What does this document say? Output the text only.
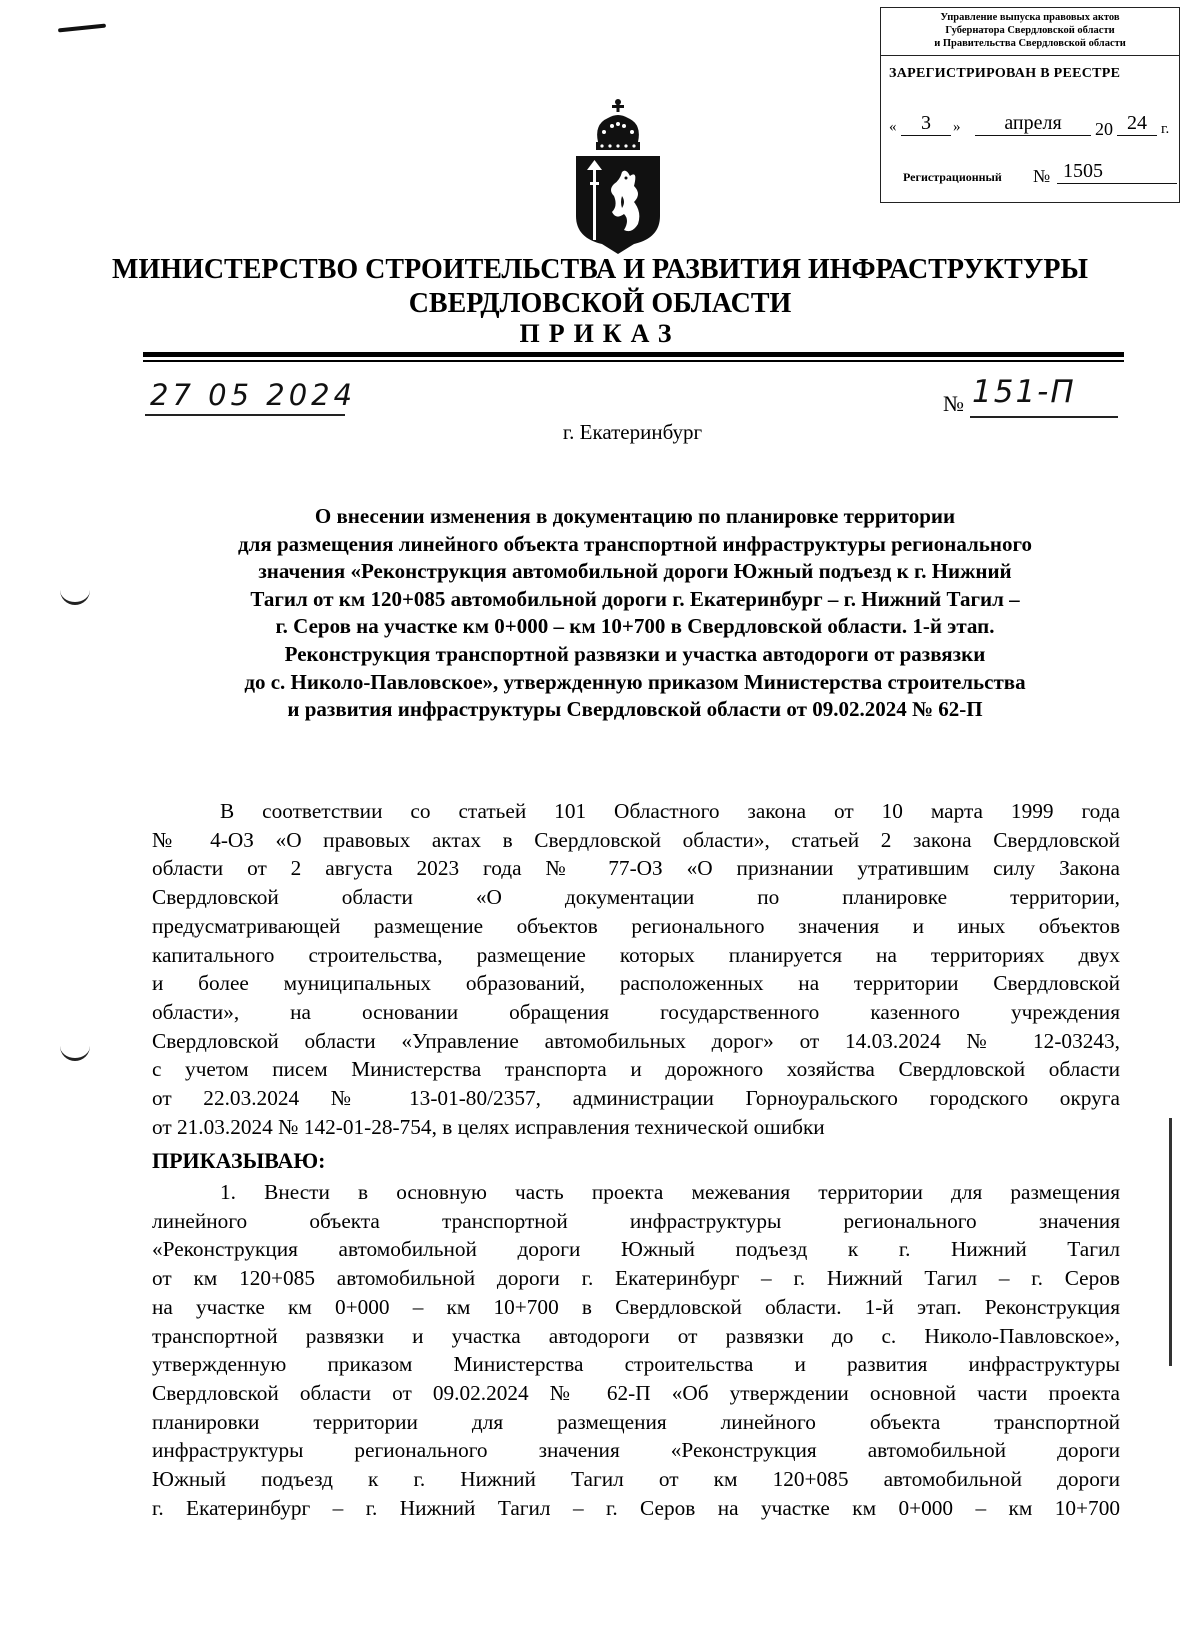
Управление выпуска правовых актов
Губернатора Свердловской области
и Правительства Свердловской области
ЗАРЕГИСТРИРОВАН В РЕЕСТРЕ
«	3	»	апреля	20 24 г.
Регистрационный № 1505
МИНИСТЕРСТВО СТРОИТЕЛЬСТВА И РАЗВИТИЯ ИНФРАСТРУКТУРЫ
СВЕРДЛОВСКОЙ ОБЛАСТИ
ПРИКАЗ
27 05 2024	№ 151-П
г. Екатеринбург
О внесении изменения в документацию по планировке территории
для размещения линейного объекта транспортной инфраструктуры регионального
значения «Реконструкция автомобильной дороги Южный подъезд к г. Нижний
Тагил от км 120+085 автомобильной дороги г. Екатеринбург – г. Нижний Тагил –
г. Серов на участке км 0+000 – км 10+700 в Свердловской области. 1-й этап.
Реконструкция транспортной развязки и участка автодороги от развязки
до с. Николо-Павловское», утвержденную приказом Министерства строительства
и развития инфраструктуры Свердловской области от 09.02.2024 № 62-П
В соответствии со статьей 101 Областного закона от 10 марта 1999 года
№ 4-ОЗ «О правовых актах в Свердловской области», статьей 2 закона Свердловской
области от 2 августа 2023 года № 77-ОЗ «О признании утратившим силу Закона
Свердловской области «О документации по планировке территории,
предусматривающей размещение объектов регионального значения и иных объектов
капитального строительства, размещение которых планируется на территориях двух
и более муниципальных образований, расположенных на территории Свердловской
области», на основании обращения государственного казенного учреждения
Свердловской области «Управление автомобильных дорог» от 14.03.2024 № 12-03243,
с учетом писем Министерства транспорта и дорожного хозяйства Свердловской области
от 22.03.2024 № 13-01-80/2357, администрации Горноуральского городского округа
от 21.03.2024 № 142-01-28-754, в целях исправления технической ошибки
ПРИКАЗЫВАЮ:
1. Внести в основную часть проекта межевания территории для размещения
линейного объекта транспортной инфраструктуры регионального значения
«Реконструкция автомобильной дороги Южный подъезд к г. Нижний Тагил
от км 120+085 автомобильной дороги г. Екатеринбург – г. Нижний Тагил – г. Серов
на участке км 0+000 – км 10+700 в Свердловской области. 1-й этап. Реконструкция
транспортной развязки и участка автодороги от развязки до с. Николо-Павловское»,
утвержденную приказом Министерства строительства и развития инфраструктуры
Свердловской области от 09.02.2024 № 62-П «Об утверждении основной части проекта
планировки территории для размещения линейного объекта транспортной
инфраструктуры регионального значения «Реконструкция автомобильной дороги
Южный подъезд к г. Нижний Тагил от км 120+085 автомобильной дороги
г. Екатеринбург – г. Нижний Тагил – г. Серов на участке км 0+000 – км 10+700
